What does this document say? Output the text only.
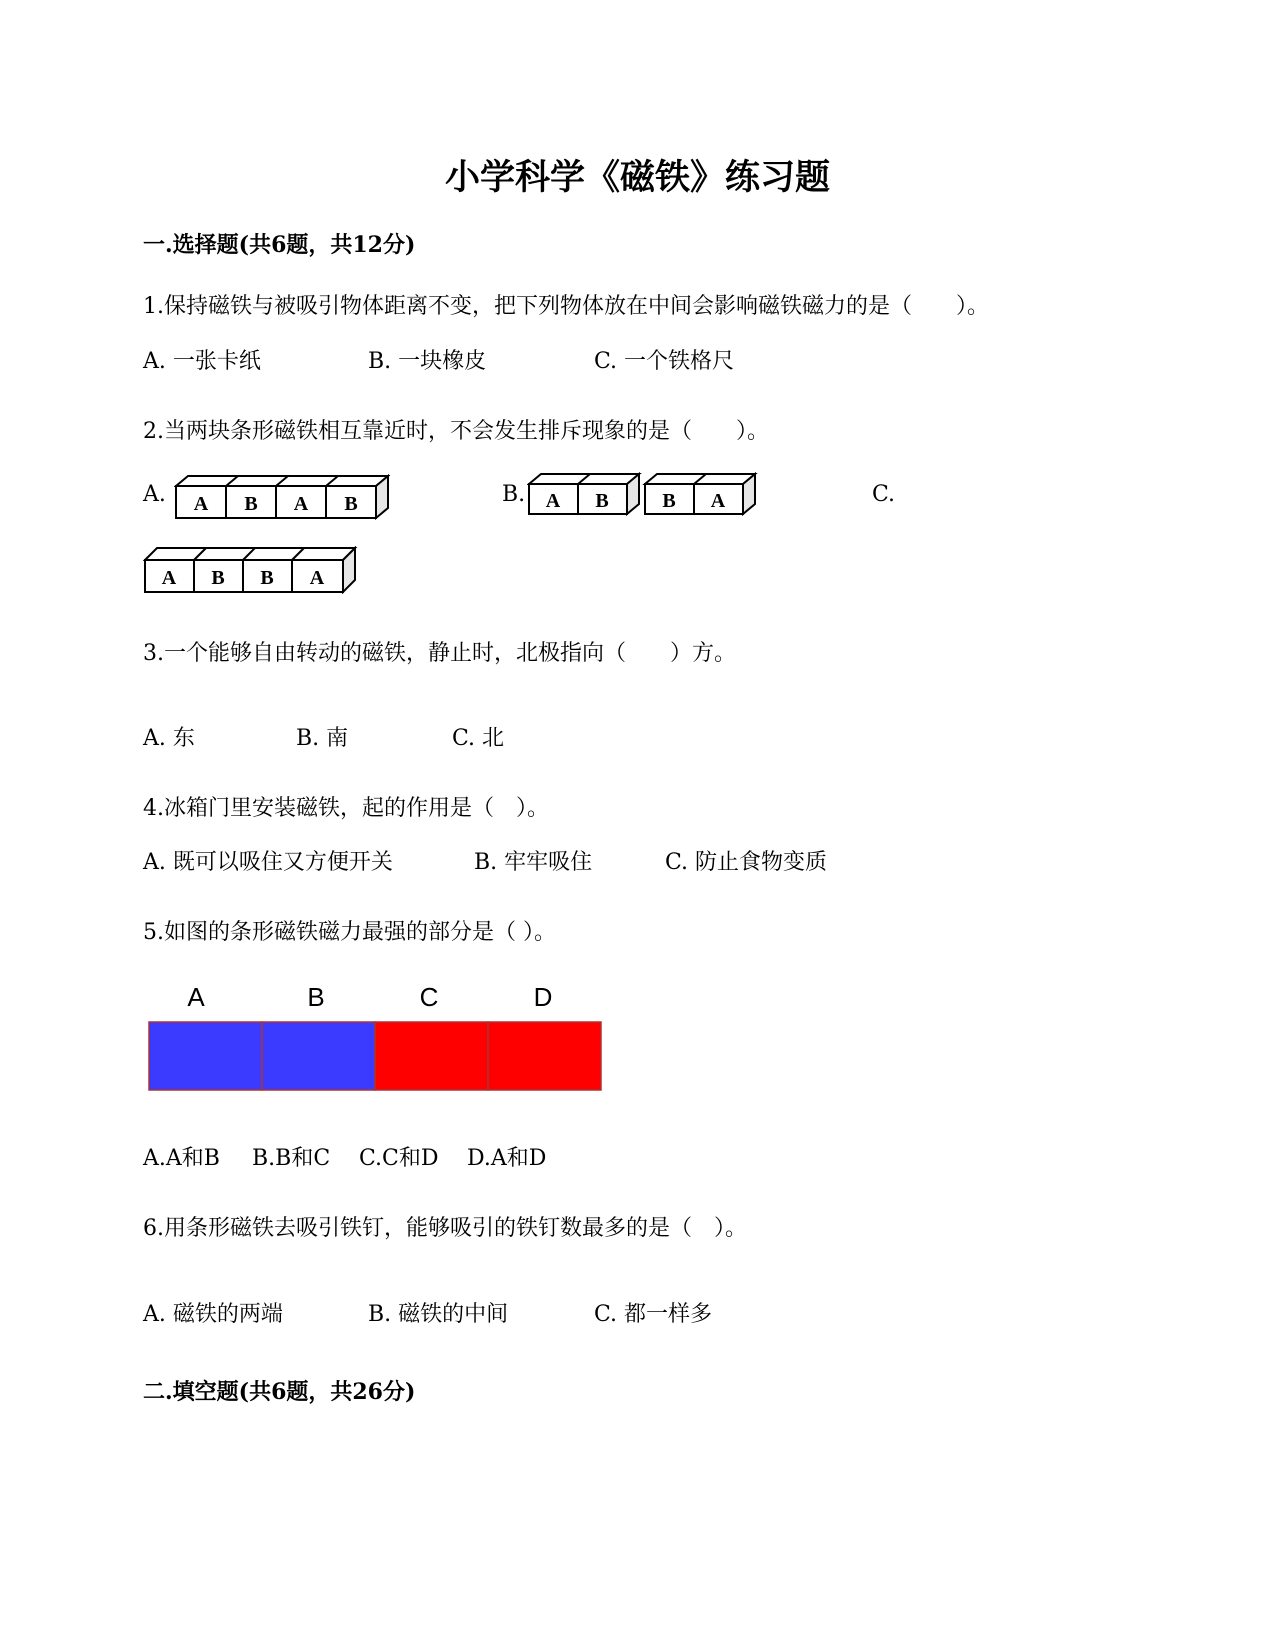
小学科学《磁铁》练习题
一.选择题(共6题，共12分)
1.保持磁铁与被吸引物体距离不变，把下列物体放在中间会影响磁铁磁力的是（　　）。
A. 一张卡纸	B. 一块橡皮	C. 一个铁格尺
2.当两块条形磁铁相互靠近时，不会发生排斥现象的是（　　）。
A.	B.	C.
A B A B	A B	B A
A B B A
3.一个能够自由转动的磁铁，静止时，北极指向（　　）方。
A. 东	B. 南	C. 北
4.冰箱门里安装磁铁，起的作用是（　）。
A. 既可以吸住又方便开关	B. 牢牢吸住	C. 防止食物变质
5.如图的条形磁铁磁力最强的部分是（ ）。
A	B	C	D
A.A和B B.B和C C.C和D D.A和D
6.用条形磁铁去吸引铁钉，能够吸引的铁钉数最多的是（　）。
A. 磁铁的两端	B. 磁铁的中间	C. 都一样多
二.填空题(共6题，共26分)
